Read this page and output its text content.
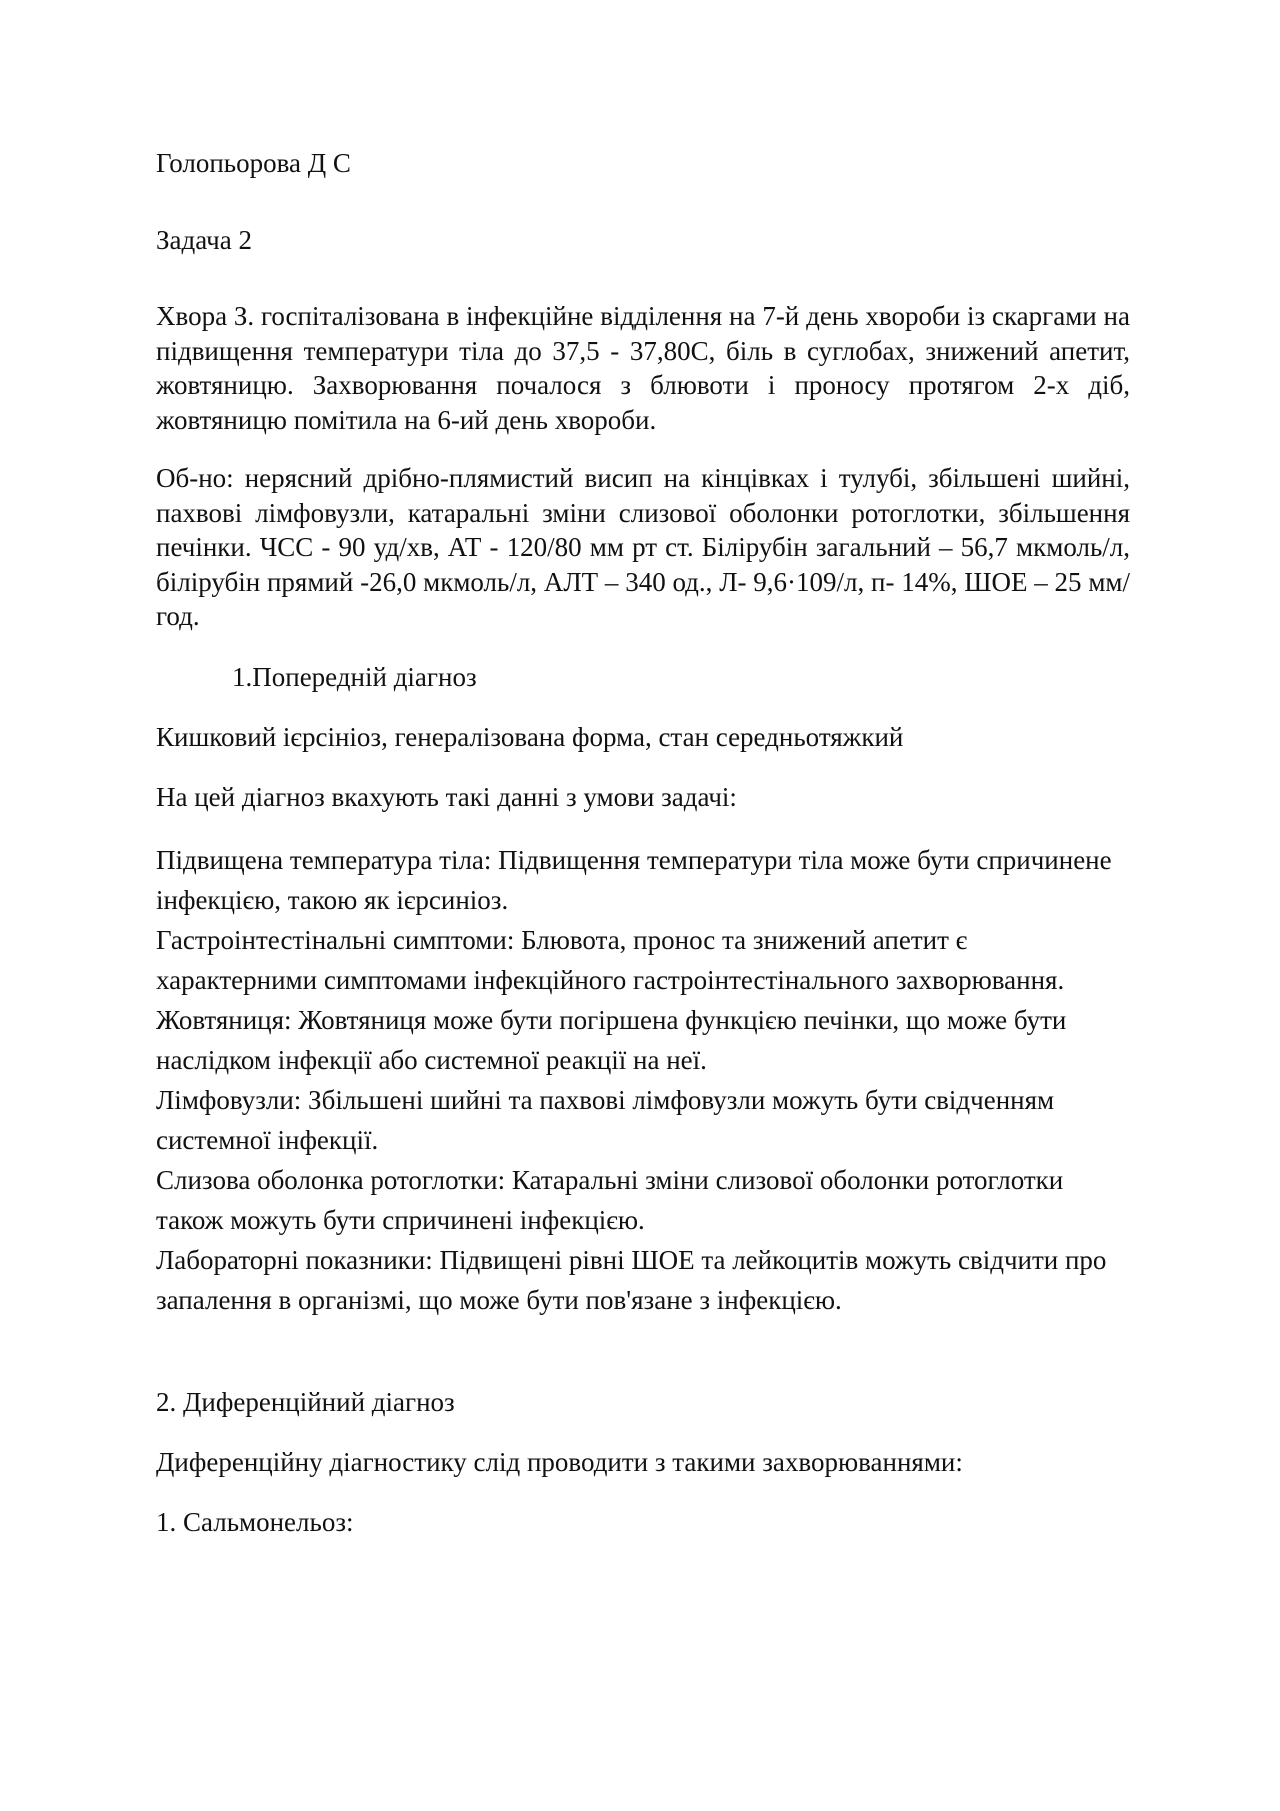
Голопьорова Д С

Задача 2

Хвора З. госпіталізована в інфекційне відділення на 7-й день хвороби із скаргами на підвищення температури тіла до 37,5 - 37,80С, біль в суглобах, знижений апетит, жовтяницю. Захворювання почалося з блювоти і проносу протягом 2-х діб, жовтяницю помітила на 6-ий день хвороби.

Об-но: нерясний дрібно-плямистий висип на кінцівках і тулубі, збільшені шийні, пахвові лімфовузли, катаральні зміни слизової оболонки ротоглотки, збільшення печінки. ЧСС - 90 уд/хв, АТ - 120/80 мм рт ст. Білірубін загальний – 56,7 мкмоль/л, білірубін прямий -26,0 мкмоль/л, АЛТ – 340 од., Л- 9,6·109/л, п- 14%, ШОЕ – 25 мм/год.

1.Попередній діагноз

Кишковий ієрсініоз, генералізована форма, стан середньотяжкий

На цей діагноз вкахують такі данні з умови задачі:

Підвищена температура тіла: Підвищення температури тіла може бути спричинене інфекцією, такою як ієрсиніоз.

Гастроінтестінальні симптоми: Блювота, пронос та знижений апетит є характерними симптомами інфекційного гастроінтестінального захворювання.

Жовтяниця: Жовтяниця може бути погіршена функцією печінки, що може бути наслідком інфекції або системної реакції на неї.

Лімфовузли: Збільшені шийні та пахвові лімфовузли можуть бути свідченням системної інфекції.

Слизова оболонка ротоглотки: Катаральні зміни слизової оболонки ротоглотки також можуть бути спричинені інфекцією.

Лабораторні показники: Підвищені рівні ШОЕ та лейкоцитів можуть свідчити про запалення в організмі, що може бути пов'язане з інфекцією.

2. Диференційний діагноз

Диференційну діагностику слід проводити з такими захворюваннями:

1. Сальмонельоз:
